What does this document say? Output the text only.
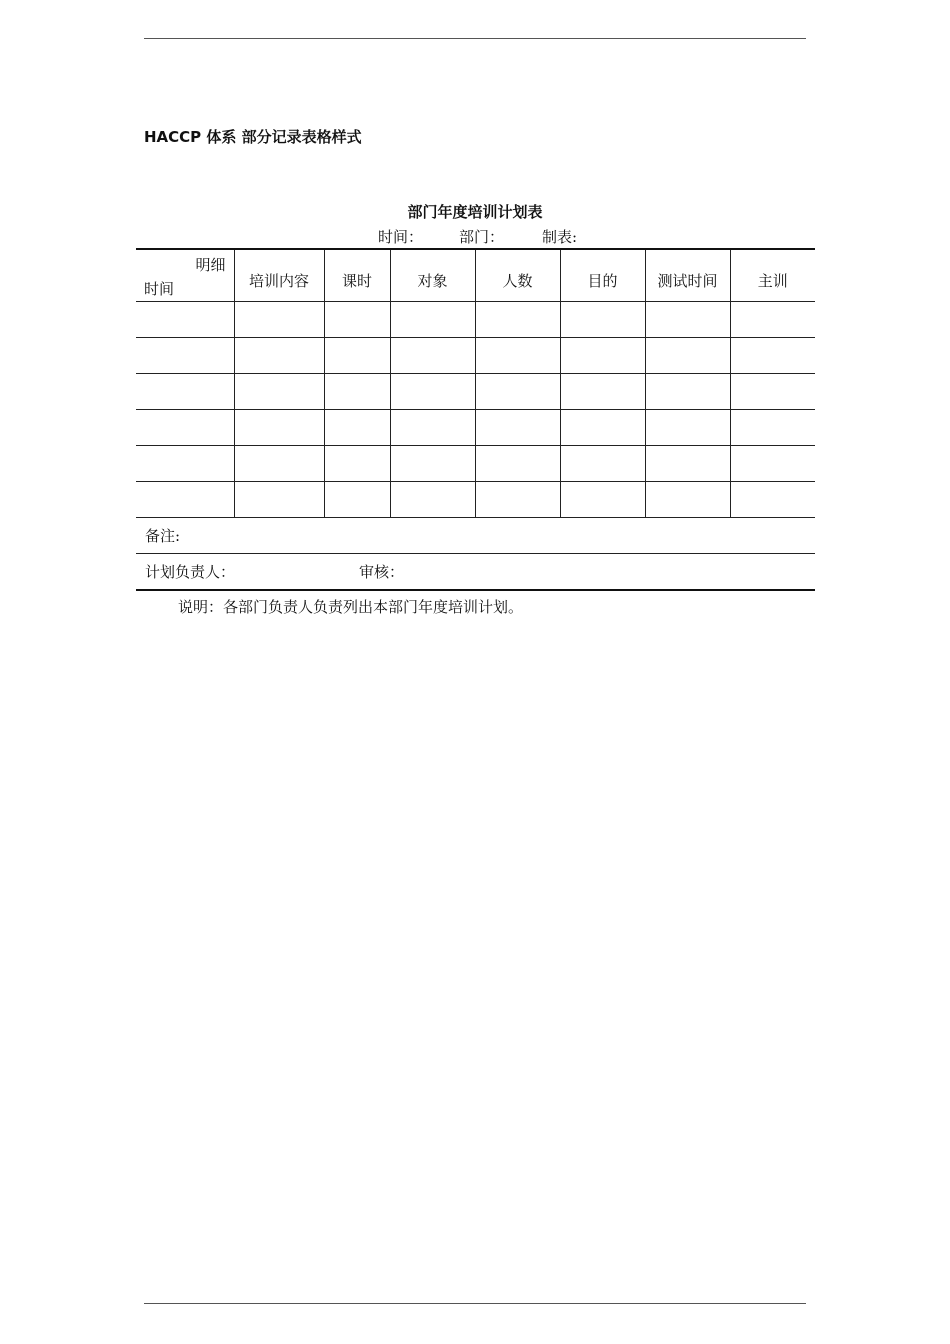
HACCP 体系 部分记录表格样式
部门年度培训计划表
时间： 部门：	制表:
明细
时间	培训内容	课时	对象	人数	目的	测试时间	主训

备注:							
计划负责人： 审核：							
说明：各部门负责人负责列出本部门年度培训计划。
